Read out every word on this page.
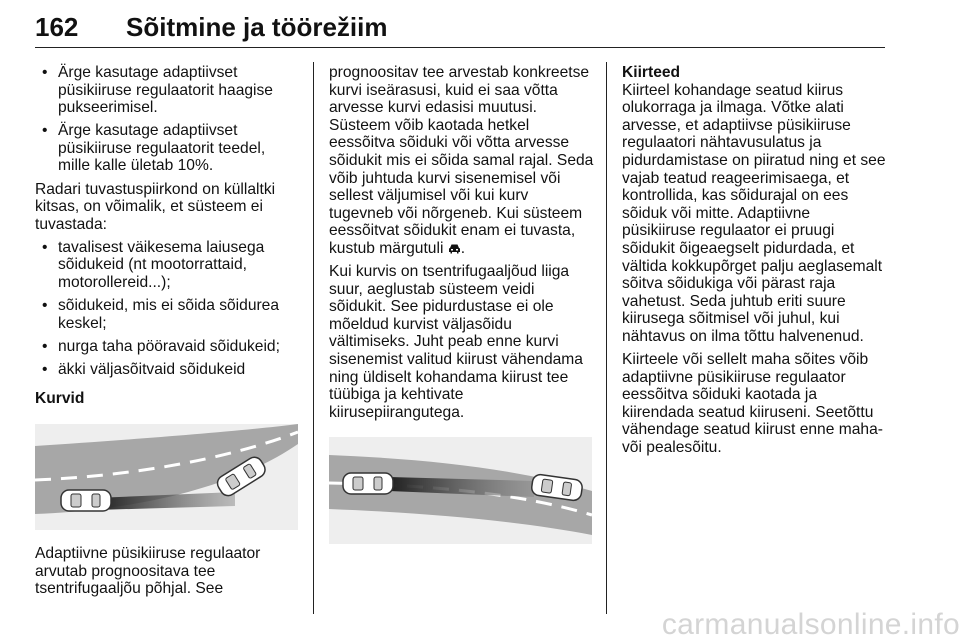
162 Sõitmine ja töörežiim
• Ärge kasutage adaptiivset püsikiiruse regulaatorit haagise pukseerimisel.
• Ärge kasutage adaptiivset püsikiiruse regulaatorit teedel, mille kalle ületab 10%.

Radari tuvastuspiirkond on küllaltki kitsas, on võimalik, et süsteem ei tuvastada:

• tavalisest väikesema laiusega sõidukeid (nt mootorrattaid, motorollereid...);
• sõidukeid, mis ei sõida sõidurea keskel;
• nurga taha pööravaid sõidukeid;
• äkki väljasõitvaid sõidukeid

Kurvid

Adaptiivne püsikiiruse regulaator arvutab prognoositava tee tsentrifugaaljõu põhjal. See

prognoositav tee arvestab konkreetse kurvi iseärasusi, kuid ei saa võtta arvesse kurvi edasisi muutusi. Süsteem võib kaotada hetkel eessõitva sõiduki või võtta arvesse sõidukit mis ei sõida samal rajal. Seda võib juhtuda kurvi sisenemisel või sellest väljumisel või kui kurv tugevneb või nõrgeneb. Kui süsteem eessõitvat sõidukit enam ei tuvasta, kustub märgutuli .

Kui kurvis on tsentrifugaaljõud liiga suur, aeglustab süsteem veidi sõidukit. See pidurdustase ei ole mõeldud kurvist väljasõidu vältimiseks. Juht peab enne kurvi sisenemist valitud kiirust vähendama ning üldiselt kohandama kiirust tee tüübiga ja kehtivate kiirusepiirangutega.

Kiirteed

Kiirteel kohandage seatud kiirus olukorraga ja ilmaga. Võtke alati arvesse, et adaptiivse püsikiiruse regulaatori nähtavusulatus ja pidurdamistase on piiratud ning et see vajab teatud reageerimisaega, et kontrollida, kas sõidurajal on ees sõiduk või mitte. Adaptiivne püsikiiruse regulaator ei pruugi sõidukit õigeaegselt pidurdada, et vältida kokkupõrget palju aeglasemalt sõitva sõidukiga või pärast raja vahetust. Seda juhtub eriti suure kiirusega sõitmisel või juhul, kui nähtavus on ilma tõttu halvenenud.

Kiirteele või sellelt maha sõites võib adaptiivne püsikiiruse regulaator eessõitva sõiduki kaotada ja kiirendada seatud kiiruseni. Seetõttu vähendage seatud kiirust enne maha- või pealesõitu.

carmanualsonline.info
